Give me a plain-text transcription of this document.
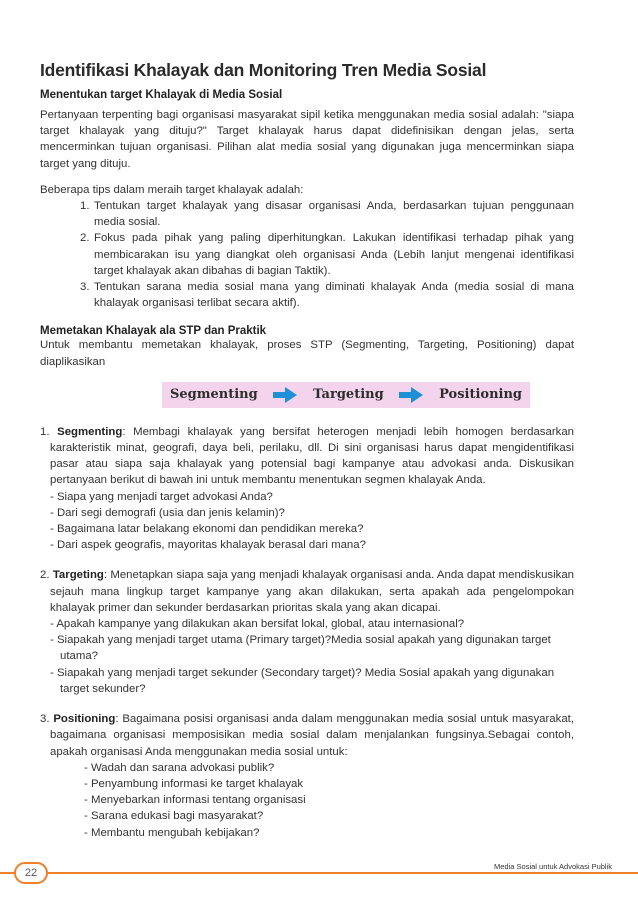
Identifikasi Khalayak dan Monitoring Tren Media Sosial
Menentukan target Khalayak di Media Sosial

Pertanyaan terpenting bagi organisasi masyarakat sipil ketika menggunakan media sosial adalah: "siapa target khalayak yang dituju?" Target khalayak harus dapat didefinisikan dengan jelas, serta mencerminkan tujuan organisasi. Pilihan alat media sosial yang digunakan juga mencerminkan siapa target yang dituju.

Beberapa tips dalam meraih target khalayak adalah:

1. Tentukan target khalayak yang disasar organisasi Anda, berdasarkan tujuan penggunaan media sosial.
2. Fokus pada pihak yang paling diperhitungkan. Lakukan identifikasi terhadap pihak yang membicarakan isu yang diangkat oleh organisasi Anda (Lebih lanjut mengenai identifikasi target khalayak akan dibahas di bagian Taktik).
3. Tentukan sarana media sosial mana yang diminati khalayak Anda (media sosial di mana khalayak organisasi terlibat secara aktif).
Memetakan Khalayak ala STP dan Praktik

Untuk membantu memetakan khalayak, proses STP (Segmenting, Targeting, Positioning) dapat diaplikasikan

Segmenting	Targeting	Positioning
1. Segmenting: Membagi khalayak yang bersifat heterogen menjadi lebih homogen berdasarkan karakteristik minat, geografi, daya beli, perilaku, dll. Di sini organisasi harus dapat mengidentifikasi pasar atau siapa saja khalayak yang potensial bagi kampanye atau advokasi anda. Diskusikan pertanyaan berikut di bawah ini untuk membantu menentukan segmen khalayak Anda.
- Siapa yang menjadi target advokasi Anda?
- Dari segi demografi (usia dan jenis kelamin)?
- Bagaimana latar belakang ekonomi dan pendidikan mereka?
- Dari aspek geografis, mayoritas khalayak berasal dari mana?
2. Targeting: Menetapkan siapa saja yang menjadi khalayak organisasi anda. Anda dapat mendiskusikan sejauh mana lingkup target kampanye yang akan dilakukan, serta apakah ada pengelompokan khalayak primer dan sekunder berdasarkan prioritas skala yang akan dicapai.
- Apakah kampanye yang dilakukan akan bersifat lokal, global, atau internasional?
- Siapakah yang menjadi target utama (Primary target)?Media sosial apakah yang digunakan target utama?
- Siapakah yang menjadi target sekunder (Secondary target)? Media Sosial apakah yang digunakan target sekunder?
3. Positioning: Bagaimana posisi organisasi anda dalam menggunakan media sosial untuk masyarakat, bagaimana organisasi memposisikan media sosial dalam menjalankan fungsinya.Sebagai contoh, apakah organisasi Anda menggunakan media sosial untuk:
- Wadah dan sarana advokasi publik?
- Penyambung informasi ke target khalayak
- Menyebarkan informasi tentang organisasi
- Sarana edukasi bagi masyarakat?
- Membantu mengubah kebijakan?
22
Media Sosial untuk Advokasi Publik
